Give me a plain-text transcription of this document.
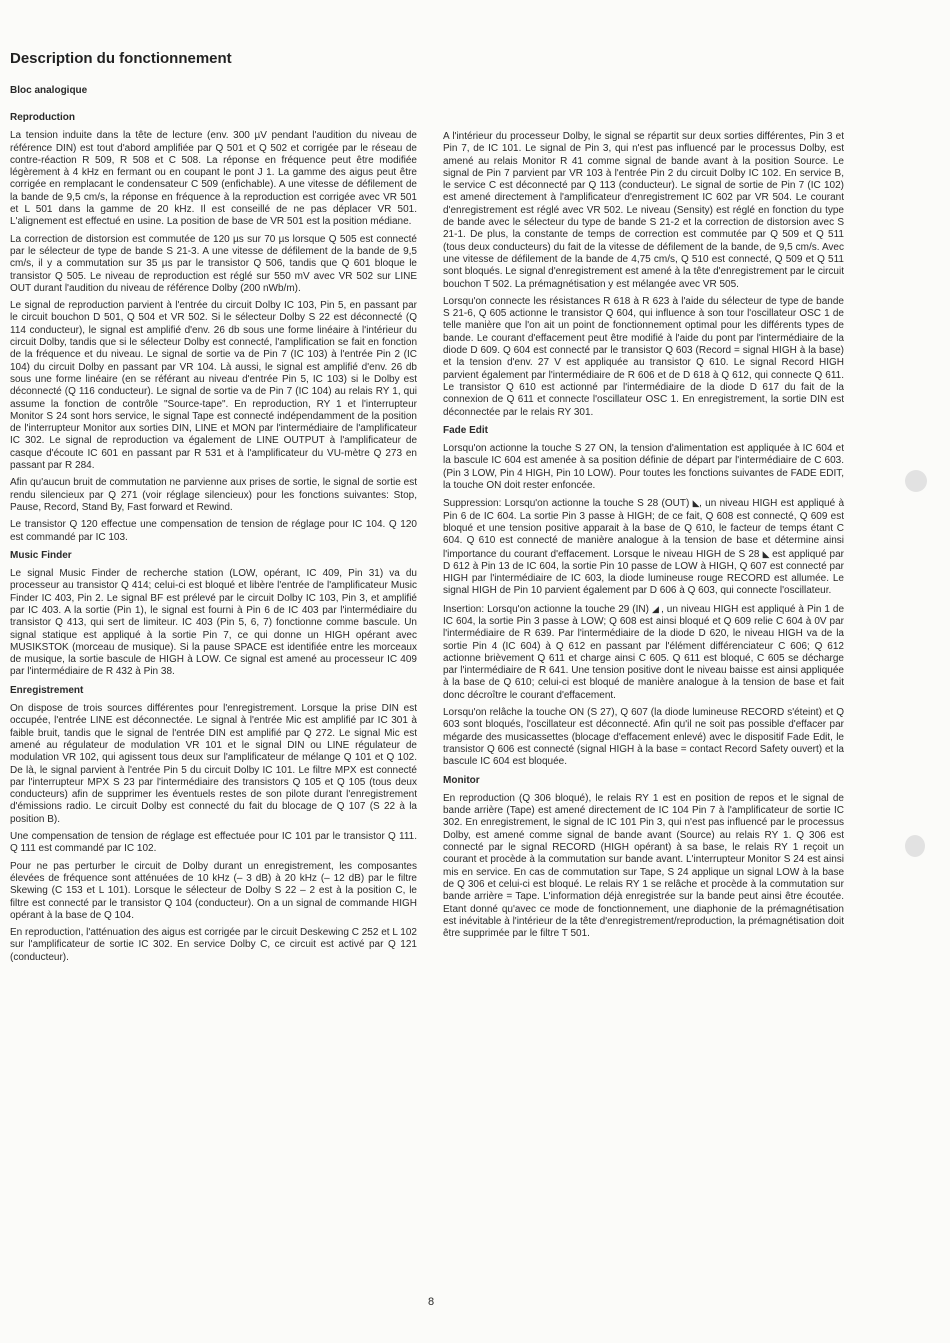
Description du fonctionnement
Bloc analogique
Reproduction

La tension induite dans la tête de lecture (env. 300 µV pendant l'audition du niveau de référence DIN) est tout d'abord amplifiée par Q 501 et Q 502 et corrigée par le réseau de contre-réaction R 509, R 508 et C 508. La réponse en fréquence peut être modifiée légèrement à 4 kHz en fermant ou en coupant le pont J 1. La gamme des aigus peut être corrigée en remplacant le condensateur C 509 (enfichable). A une vitesse de défilement de la bande de 9,5 cm/s, la réponse en fréquence à la reproduction est corrigée avec VR 501 et L 501 dans la gamme de 20 kHz. Il est conseillé de ne pas déplacer VR 501. L'alignement est effectué en usine. La position de base de VR 501 est la position médiane.

La correction de distorsion est commutée de 120 µs sur 70 µs lorsque Q 505 est connecté par le sélecteur de type de bande S 21-3. A une vitesse de défilement de la bande de 9,5 cm/s, il y a commutation sur 35 µs par le transistor Q 506, tandis que Q 601 bloque le transistor Q 505. Le niveau de reproduction est réglé sur 550 mV avec VR 502 sur LINE OUT durant l'audition du niveau de référence Dolby (200 nWb/m).

Le signal de reproduction parvient à l'entrée du circuit Dolby IC 103, Pin 5, en passant par le circuit bouchon D 501, Q 504 et VR 502. Si le sélecteur Dolby S 22 est déconnecté (Q 114 conducteur), le signal est amplifié d'env. 26 db sous une forme linéaire à l'intérieur du circuit Dolby, tandis que si le sélecteur Dolby est connecté, l'amplification se fait en fonction de la fréquence et du niveau. Le signal de sortie va de Pin 7 (IC 103) à l'entrée Pin 2 (IC 104) du circuit Dolby en passant par VR 104. Là aussi, le signal est amplifié d'env. 26 db sous une forme linéaire (en se référant au niveau d'entrée Pin 5, IC 103) si le Dolby est déconnecté (Q 116 conducteur). Le signal de sortie va de Pin 7 (IC 104) au relais RY 1, qui assume la fonction de contrôle "Source-tape". En reproduction, RY 1 et l'interrupteur Monitor S 24 sont hors service, le signal Tape est connecté indépendamment de la position de l'interrupteur Monitor aux sorties DIN, LINE et MON par l'intermédiaire de l'amplificateur IC 302. Le signal de reproduction va également de LINE OUTPUT à l'amplificateur de casque d'écoute IC 601 en passant par R 531 et à l'amplificateur du VU-mètre Q 273 en passant par R 284.

Afin qu'aucun bruit de commutation ne parvienne aux prises de sortie, le signal de sortie est rendu silencieux par Q 271 (voir réglage silencieux) pour les fonctions suivantes: Stop, Pause, Record, Stand By, Fast forward et Rewind.

Le transistor Q 120 effectue une compensation de tension de réglage pour IC 104. Q 120 est commandé par IC 103.

Music Finder

Le signal Music Finder de recherche station (LOW, opérant, IC 409, Pin 31) va du processeur au transistor Q 414; celui-ci est bloqué et libère l'entrée de l'amplificateur Music Finder IC 403, Pin 2. Le signal BF est prélevé par le circuit Dolby IC 103, Pin 3, et amplifié par IC 403. A la sortie (Pin 1), le signal est fourni à Pin 6 de IC 403 par l'intermédiaire du transistor Q 413, qui sert de limiteur. IC 403 (Pin 5, 6, 7) fonctionne comme bascule. Un signal statique est appliqué à la sortie Pin 7, ce qui donne un HIGH opérant avec MUSIKSTOK (morceau de musique). Si la pause SPACE est identifiée entre les morceaux de musique, la sortie bascule de HIGH à LOW. Ce signal est amené au processeur IC 409 par l'intermédiaire de R 432 à Pin 38.

Enregistrement

On dispose de trois sources différentes pour l'enregistrement. Lorsque la prise DIN est occupée, l'entrée LINE est déconnectée. Le signal à l'entrée Mic est amplifié par IC 301 à faible bruit, tandis que le signal de l'entrée DIN est amplifié par Q 272. Le signal Mic est amené au régulateur de modulation VR 101 et le signal DIN ou LINE régulateur de modulation VR 102, qui agissent tous deux sur l'amplificateur de mélange Q 101 et Q 102. De là, le signal parvient à l'entrée Pin 5 du circuit Dolby IC 101. Le filtre MPX est connecté par l'interrupteur MPX S 23 par l'intermédiaire des transistors Q 105 et Q 105 (tous deux conducteurs) afin de supprimer les éventuels restes de son pilote durant l'enregistrement d'émissions radio. Le circuit Dolby est connecté du fait du blocage de Q 107 (S 22 à la position B).

Une compensation de tension de réglage est effectuée pour IC 101 par le transistor Q 111. Q 111 est commandé par IC 102.

Pour ne pas perturber le circuit de Dolby durant un enregistrement, les composantes élevées de fréquence sont atténuées de 10 kHz (– 3 dB) à 20 kHz (– 12 dB) par le filtre Skewing (C 153 et L 101). Lorsque le sélecteur de Dolby S 22 – 2 est à la position C, le filtre est connecté par le transistor Q 104 (conducteur). On a un signal de commande HIGH opérant à la base de Q 104.

En reproduction, l'atténuation des aigus est corrigée par le circuit Deskewing C 252 et L 102 sur l'amplificateur de sortie IC 302. En service Dolby C, ce circuit est activé par Q 121 (conducteur).

A l'intérieur du processeur Dolby, le signal se répartit sur deux sorties différentes, Pin 3 et Pin 7, de IC 101. Le signal de Pin 3, qui n'est pas influencé par le processus Dolby, est amené au relais Monitor R 41 comme signal de bande avant à la position Source. Le signal de Pin 7 parvient par VR 103 à l'entrée Pin 2 du circuit Dolby IC 102. En service B, le service C est déconnecté par Q 113 (conducteur). Le signal de sortie de Pin 7 (IC 102) est amené directement à l'amplificateur d'enregistrement IC 602 par VR 504. Le courant d'enregistrement est réglé avec VR 502. Le niveau (Sensity) est réglé en fonction du type de bande avec le sélecteur du type de bande S 21-2 et la correction de distorsion avec S 21-1. De plus, la constante de temps de correction est commutée par Q 509 et Q 511 (tous deux conducteurs) du fait de la vitesse de défilement de la bande, de 9,5 cm/s. Avec une vitesse de défilement de la bande de 4,75 cm/s, Q 510 est connecté, Q 509 et Q 511 sont bloqués. Le signal d'enregistrement est amené à la tête d'enregistrement par le circuit bouchon T 502. La prémagnétisation y est mélangée avec VR 505.

Lorsqu'on connecte les résistances R 618 à R 623 à l'aide du sélecteur de type de bande S 21-6, Q 605 actionne le transistor Q 604, qui influence à son tour l'oscillateur OSC 1 de telle manière que l'on ait un point de fonctionnement optimal pour les différents types de bande. Le courant d'effacement peut être modifié à l'aide du pont par l'intermédiaire de la diode D 609. Q 604 est connecté par le transistor Q 603 (Record = signal HIGH à la base) et la tension d'env. 27 V est appliquée au transistor Q 610. Le signal Record HIGH parvient également par l'intermédiaire de R 606 et de D 618 à Q 612, qui connecte Q 611. Le transistor Q 610 est actionné par l'intermédiaire de la diode D 617 du fait de la connexion de Q 611 et connecte l'oscillateur OSC 1. En enregistrement, la sortie DIN est déconnectée par le relais RY 301.

Fade Edit

Lorsqu'on actionne la touche S 27 ON, la tension d'alimentation est appliquée à IC 604 et la bascule IC 604 est amenée à sa position définie de départ par l'intermédiaire de C 603. (Pin 3 LOW, Pin 4 HIGH, Pin 10 LOW). Pour toutes les fonctions suivantes de FADE EDIT, la touche ON doit rester enfoncée.

Suppression: Lorsqu'on actionne la touche S 28 (OUT) ◣, un niveau HIGH est appliqué à Pin 6 de IC 604. La sortie Pin 3 passe à HIGH; de ce fait, Q 608 est connecté, Q 609 est bloqué et une tension positive apparait à la base de Q 610, le facteur de temps étant C 604. Q 610 est connecté de manière analogue à la tension de base et détermine ainsi l'importance du courant d'effacement. Lorsque le niveau HIGH de S 28 ◣ est appliqué par D 612 à Pin 13 de IC 604, la sortie Pin 10 passe de LOW à HIGH, Q 607 est connecté par HIGH par l'intermédiaire de IC 603, la diode lumineuse rouge RECORD est allumée. Le signal HIGH de Pin 10 parvient également par D 606 à Q 603, qui connecte l'oscillateur.

Insertion: Lorsqu'on actionne la touche 29 (IN) ◢ , un niveau HIGH est appliqué à Pin 1 de IC 604, la sortie Pin 3 passe à LOW; Q 608 est ainsi bloqué et Q 609 relie C 604 à 0V par l'intermédiaire de R 639. Par l'intermédiaire de la diode D 620, le niveau HIGH va de la sortie Pin 4 (IC 604) à Q 612 en passant par l'élément différenciateur C 606; Q 612 actionne brièvement Q 611 et charge ainsi C 605. Q 611 est bloqué, C 605 se décharge par l'intermédiaire de R 641. Une tension positive dont le niveau baisse est ainsi appliquée à la base de Q 610; celui-ci est bloqué de manière analogue à la tension de base et fait donc décroître le courant d'effacement.

Lorsqu'on relâche la touche ON (S 27), Q 607 (la diode lumineuse RECORD s'éteint) et Q 603 sont bloqués, l'oscillateur est déconnecté. Afin qu'il ne soit pas possible d'effacer par mégarde des musicassettes (blocage d'effacement enlevé) avec le dispositif Fade Edit, le transistor Q 606 est connecté (signal HIGH à la base = contact Record Safety ouvert) et la bascule IC 604 est bloquée.

Monitor

En reproduction (Q 306 bloqué), le relais RY 1 est en position de repos et le signal de bande arrière (Tape) est amené directement de IC 104 Pin 7 à l'amplificateur de sortie IC 302. En enregistrement, le signal de IC 101 Pin 3, qui n'est pas influencé par le processus Dolby, est amené comme signal de bande avant (Source) au relais RY 1. Q 306 est connecté par le signal RECORD (HIGH opérant) à sa base, le relais RY 1 reçoit un courant et procède à la commutation sur bande avant. L'interrupteur Monitor S 24 est ainsi mis en service. En cas de commutation sur Tape, S 24 applique un signal LOW à la base de Q 306 et celui-ci est bloqué. Le relais RY 1 se relâche et procède à la commutation sur bande arrière = Tape. L'information déjà enregistrée sur la bande peut ainsi être écoutée. Etant donné qu'avec ce mode de fonctionnement, une diaphonie de la prémagnétisation est inévitable à l'intérieur de la tête d'enregistrement/reproduction, la prémagnétisation doit être supprimée par le filtre T 501.

8
